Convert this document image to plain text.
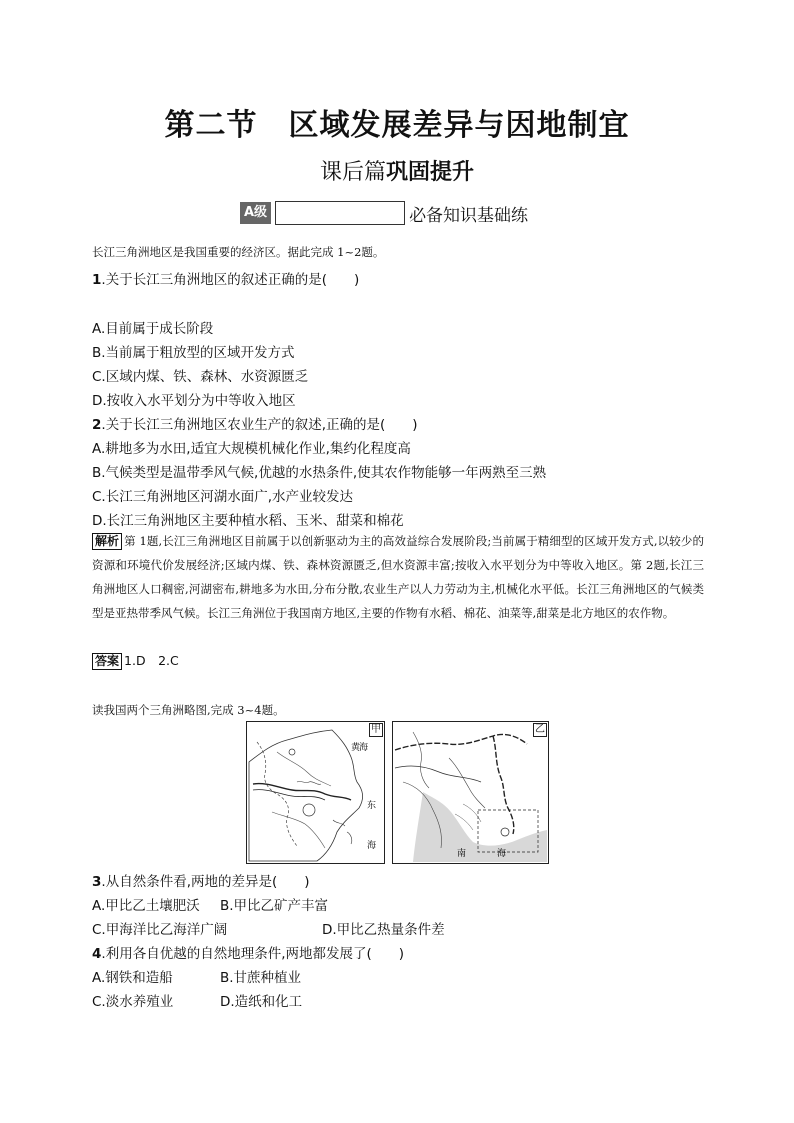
第二节　区域发展差异与因地制宜
课后篇巩固提升
A级	必备知识基础练
长江三角洲地区是我国重要的经济区。据此完成 1~2题。
1.关于长江三角洲地区的叙述正确的是(　　)
A.目前属于成长阶段
B.当前属于粗放型的区域开发方式
C.区域内煤、铁、森林、水资源匮乏
D.按收入水平划分为中等收入地区
2.关于长江三角洲地区农业生产的叙述,正确的是(　　)
A.耕地多为水田,适宜大规模机械化作业,集约化程度高
B.气候类型是温带季风气候,优越的水热条件,使其农作物能够一年两熟至三熟
C.长江三角洲地区河湖水面广,水产业较发达
D.长江三角洲地区主要种植水稻、玉米、甜菜和棉花
解析 第 1题,长江三角洲地区目前属于以创新驱动为主的高效益综合发展阶段;当前属于精细型的区域开发方式,以较少的资源和环境代价发展经济;区域内煤、铁、森林资源匮乏,但水资源丰富;按收入水平划分为中等收入地区。第 2题,长江三角洲地区人口稠密,河湖密布,耕地多为水田,分布分散,农业生产以人力劳动为主,机械化水平低。长江三角洲地区的气候类型是亚热带季风气候。长江三角洲位于我国南方地区,主要的作物有水稻、棉花、油菜等,甜菜是北方地区的农作物。
答案 1.D　2.C
读我国两个三角洲略图,完成 3~4题。
黄
海
东
海
甲
南	海
乙
3.从自然条件看,两地的差异是(　　)
A.甲比乙土壤肥沃 B.甲比乙矿产丰富
C.甲海洋比乙海洋广阔	D.甲比乙热量条件差
4.利用各自优越的自然地理条件,两地都发展了(　　)
A.钢铁和造船	B.甘蔗种植业
C.淡水养殖业	D.造纸和化工
